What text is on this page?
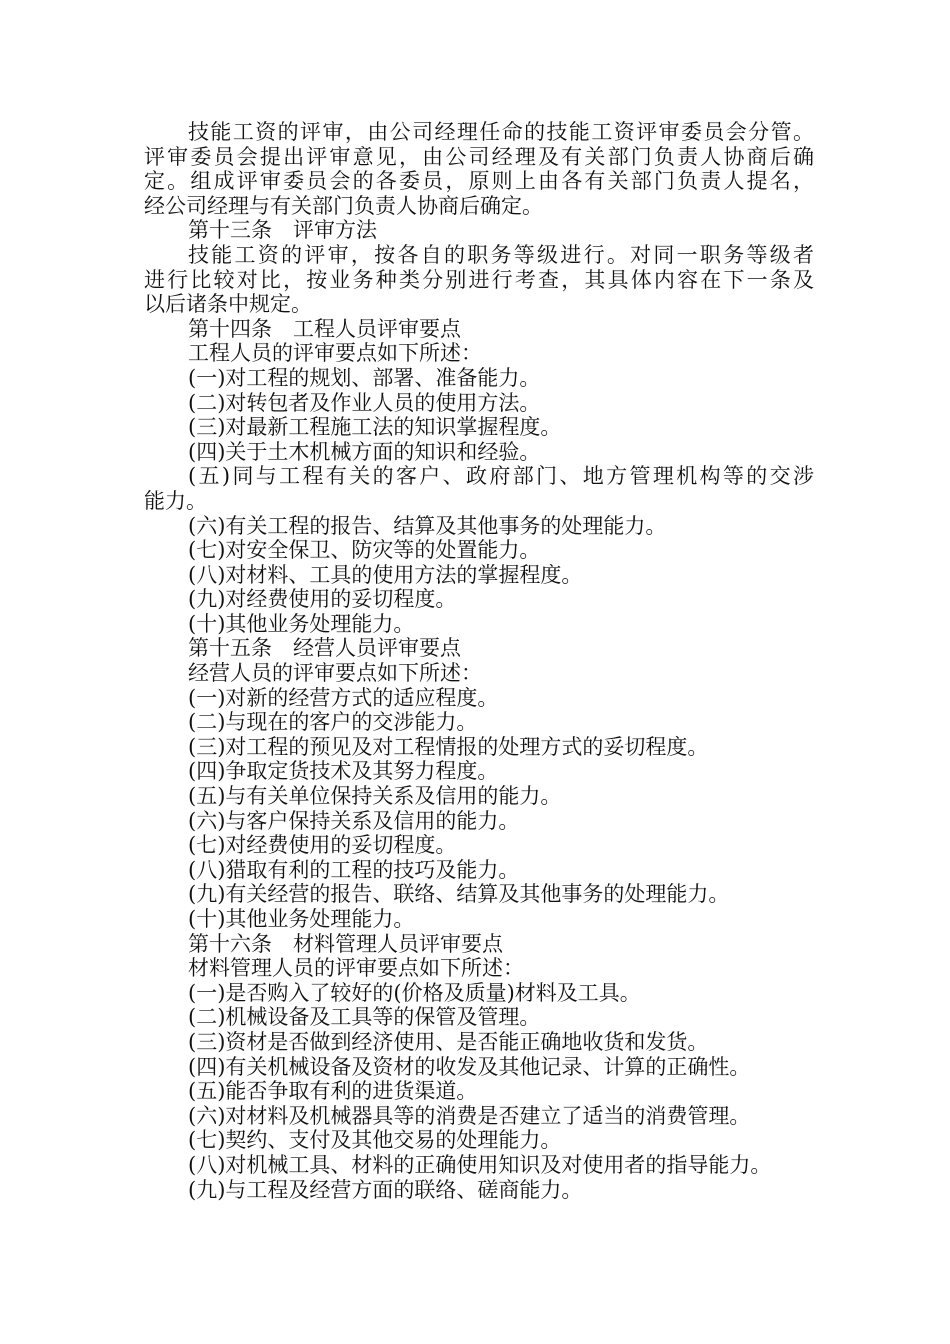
技能工资的评审，由公司经理任命的技能工资评审委员会分管。
评审委员会提出评审意见，由公司经理及有关部门负责人协商后确
定。组成评审委员会的各委员，原则上由各有关部门负责人提名，
经公司经理与有关部门负责人协商后确定。
第十三条　评审方法
技能工资的评审，按各自的职务等级进行。对同一职务等级者
进行比较对比，按业务种类分别进行考查，其具体内容在下一条及
以后诸条中规定。
第十四条　工程人员评审要点
工程人员的评审要点如下所述：
(一)对工程的规划、部署、准备能力。
(二)对转包者及作业人员的使用方法。
(三)对最新工程施工法的知识掌握程度。
(四)关于土木机械方面的知识和经验。
(五)同与工程有关的客户、政府部门、地方管理机构等的交涉
能力。
(六)有关工程的报告、结算及其他事务的处理能力。
(七)对安全保卫、防灾等的处置能力。
(八)对材料、工具的使用方法的掌握程度。
(九)对经费使用的妥切程度。
(十)其他业务处理能力。
第十五条　经营人员评审要点
经营人员的评审要点如下所述：
(一)对新的经营方式的适应程度。
(二)与现在的客户的交涉能力。
(三)对工程的预见及对工程情报的处理方式的妥切程度。
(四)争取定货技术及其努力程度。
(五)与有关单位保持关系及信用的能力。
(六)与客户保持关系及信用的能力。
(七)对经费使用的妥切程度。
(八)猎取有利的工程的技巧及能力。
(九)有关经营的报告、联络、结算及其他事务的处理能力。
(十)其他业务处理能力。
第十六条　材料管理人员评审要点
材料管理人员的评审要点如下所述：
(一)是否购入了较好的(价格及质量)材料及工具。
(二)机械设备及工具等的保管及管理。
(三)资材是否做到经济使用、是否能正确地收货和发货。
(四)有关机械设备及资材的收发及其他记录、计算的正确性。
(五)能否争取有利的进货渠道。
(六)对材料及机械器具等的消费是否建立了适当的消费管理。
(七)契约、支付及其他交易的处理能力。
(八)对机械工具、材料的正确使用知识及对使用者的指导能力。
(九)与工程及经营方面的联络、磋商能力。
